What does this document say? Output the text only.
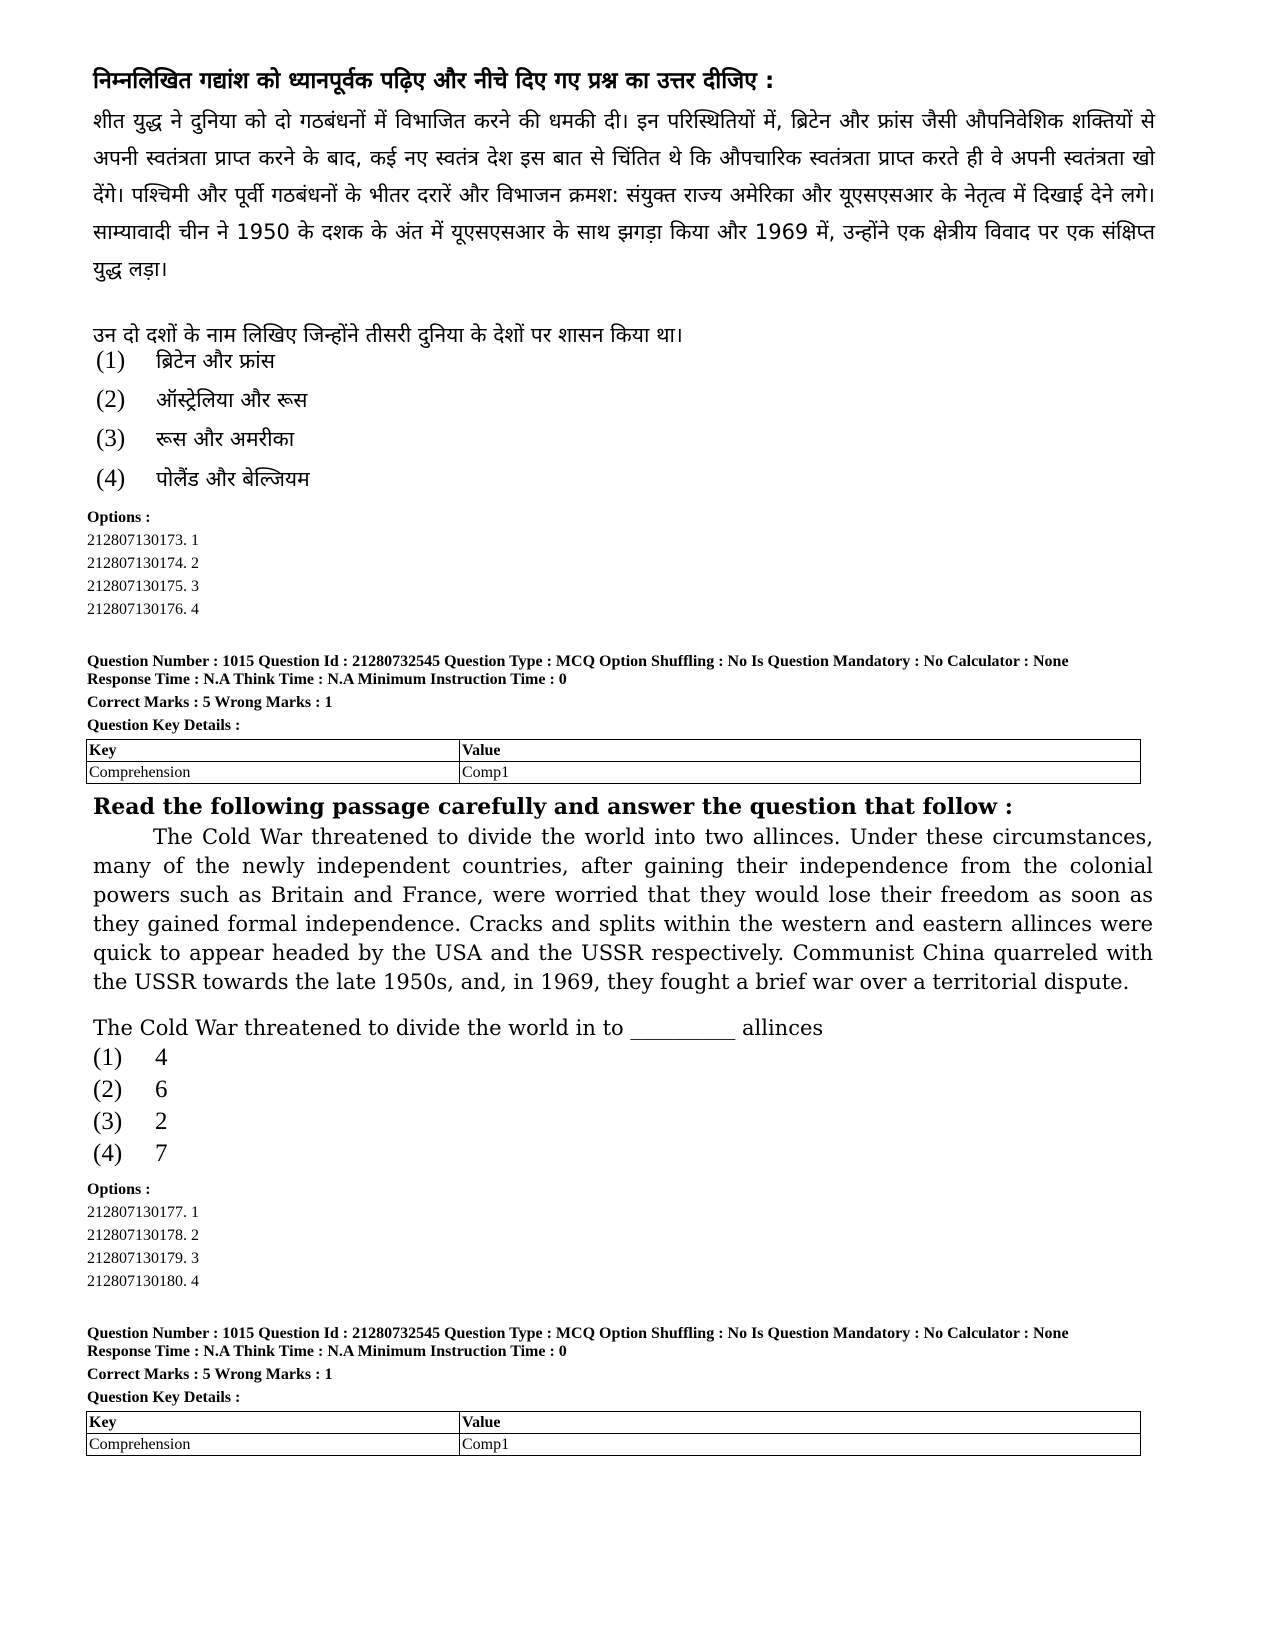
निम्नलिखित गद्यांश को ध्यानपूर्वक पढ़िए और नीचे दिए गए प्रश्न का उत्तर दीजिए :
शीत युद्ध ने दुनिया को दो गठबंधनों में विभाजित करने की धमकी दी। इन परिस्थितियों में, ब्रिटेन और फ्रांस जैसी औपनिवेशिक शक्तियों से अपनी स्वतंत्रता प्राप्त करने के बाद, कई नए स्वतंत्र देश इस बात से चिंतित थे कि औपचारिक स्वतंत्रता प्राप्त करते ही वे अपनी स्वतंत्रता खो देंगे। पश्चिमी और पूर्वी गठबंधनों के भीतर दरारें और विभाजन क्रमश: संयुक्त राज्य अमेरिका और यूएसएसआर के नेतृत्व में दिखाई देने लगे। साम्यावादी चीन ने 1950 के दशक के अंत में यूएसएसआर के साथ झगड़ा किया और 1969 में, उन्होंने एक क्षेत्रीय विवाद पर एक संक्षिप्त युद्ध लड़ा।
उन दो दशों के नाम लिखिए जिन्होंने तीसरी दुनिया के देशों पर शासन किया था।
(1) ब्रिटेन और फ्रांस
(2) ऑस्ट्रेलिया और रूस
(3) रूस और अमरीका
(4) पोलैंड और बेल्जियम
Options :
212807130173. 1
212807130174. 2
212807130175. 3
212807130176. 4
Question Number : 1015 Question Id : 21280732545 Question Type : MCQ Option Shuffling : No Is Question Mandatory : No Calculator : None
Response Time : N.A Think Time : N.A Minimum Instruction Time : 0
Correct Marks : 5 Wrong Marks : 1
Question Key Details :
Key	Value
Comprehension	Comp1
Read the following passage carefully and answer the question that follow :
The Cold War threatened to divide the world into two allinces. Under these circumstances, many of the newly independent countries, after gaining their independence from the colonial powers such as Britain and France, were worried that they would lose their freedom as soon as they gained formal independence. Cracks and splits within the western and eastern allinces were quick to appear headed by the USA and the USSR respectively. Communist China quarreled with the USSR towards the late 1950s, and, in 1969, they fought a brief war over a territorial dispute.
The Cold War threatened to divide the world in to __________ allinces
(1) 4
(2) 6
(3) 2
(4) 7
Options :
212807130177. 1
212807130178. 2
212807130179. 3
212807130180. 4
Question Number : 1015 Question Id : 21280732545 Question Type : MCQ Option Shuffling : No Is Question Mandatory : No Calculator : None
Response Time : N.A Think Time : N.A Minimum Instruction Time : 0
Correct Marks : 5 Wrong Marks : 1
Question Key Details :
Key	Value
Comprehension	Comp1
